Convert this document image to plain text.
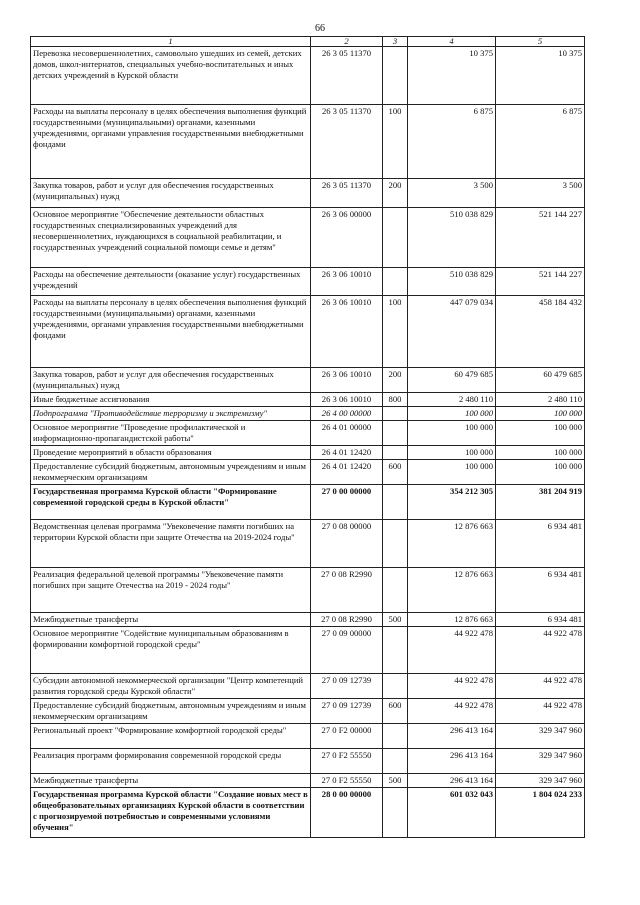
66
1	2	3	4	5
Перевозка несовершеннолетних, самовольно ушедших из семей, детских домов, школ-интернатов, специальных учебно-воспитательных и иных детских учреждений в Курской области	26 3 05 11370		10 375	10 375
Расходы на выплаты персоналу в целях обеспечения выполнения функций государственными (муниципальными) органами, казенными учреждениями, органами управления государственными внебюджетными фондами	26 3 05 11370	100	6 875	6 875
Закупка товаров, работ и услуг для обеспечения государственных (муниципальных) нужд	26 3 05 11370	200	3 500	3 500
Основное мероприятие "Обеспечение деятельности областных государственных специализированных учреждений для несовершеннолетних, нуждающихся в социальной реабилитации, и государственных учреждений социальной помощи семье и детям"	26 3 06 00000		510 038 829	521 144 227
Расходы на обеспечение деятельности (оказание услуг) государственных учреждений	26 3 06 10010		510 038 829	521 144 227
Расходы на выплаты персоналу в целях обеспечения выполнения функций государственными (муниципальными) органами, казенными учреждениями, органами управления государственными внебюджетными фондами	26 3 06 10010	100	447 079 034	458 184 432
Закупка товаров, работ и услуг для обеспечения государственных (муниципальных) нужд	26 3 06 10010	200	60 479 685	60 479 685
Иные бюджетные ассигнования	26 3 06 10010	800	2 480 110	2 480 110
Подпрограмма "Противодействие терроризму и экстремизму"	26 4 00 00000		100 000	100 000
Основное мероприятие "Проведение профилактической и информационно-пропагандистской работы"	26 4 01 00000		100 000	100 000
Проведение мероприятий в области образования	26 4 01 12420		100 000	100 000
Предоставление субсидий бюджетным, автономным учреждениям и иным некоммерческим организациям	26 4 01 12420	600	100 000	100 000
Государственная программа Курской области "Формирование современной городской среды в Курской области"	27 0 00 00000		354 212 305	381 204 919
Ведомственная целевая программа "Увековечение памяти погибших на территории Курской области при защите Отечества на 2019-2024 годы"	27 0 08 00000		12 876 663	6 934 481
Реализация федеральной целевой программы "Увековечение памяти погибших при защите Отечества на 2019 - 2024 годы"	27 0 08 R2990		12 876 663	6 934 481
Межбюджетные трансферты	27 0 08 R2990	500	12 876 663	6 934 481
Основное мероприятие "Содействие муниципальным образованиям в формировании комфортной городской среды"	27 0 09 00000		44 922 478	44 922 478
Субсидии автономной некоммерческой организации "Центр компетенций развития городской среды Курской области"	27 0 09 12739		44 922 478	44 922 478
Предоставление субсидий бюджетным, автономным учреждениям и иным некоммерческим организациям	27 0 09 12739	600	44 922 478	44 922 478
Региональный проект "Формирование комфортной городской среды"	27 0 F2 00000		296 413 164	329 347 960
Реализация программ формирования современной городской среды	27 0 F2 55550		296 413 164	329 347 960
Межбюджетные трансферты	27 0 F2 55550	500	296 413 164	329 347 960
Государственная программа Курской области "Создание новых мест в общеобразовательных организациях Курской области в соответствии с прогнозируемой потребностью и современными условиями обучения"	28 0 00 00000		601 032 043	1 804 024 233
